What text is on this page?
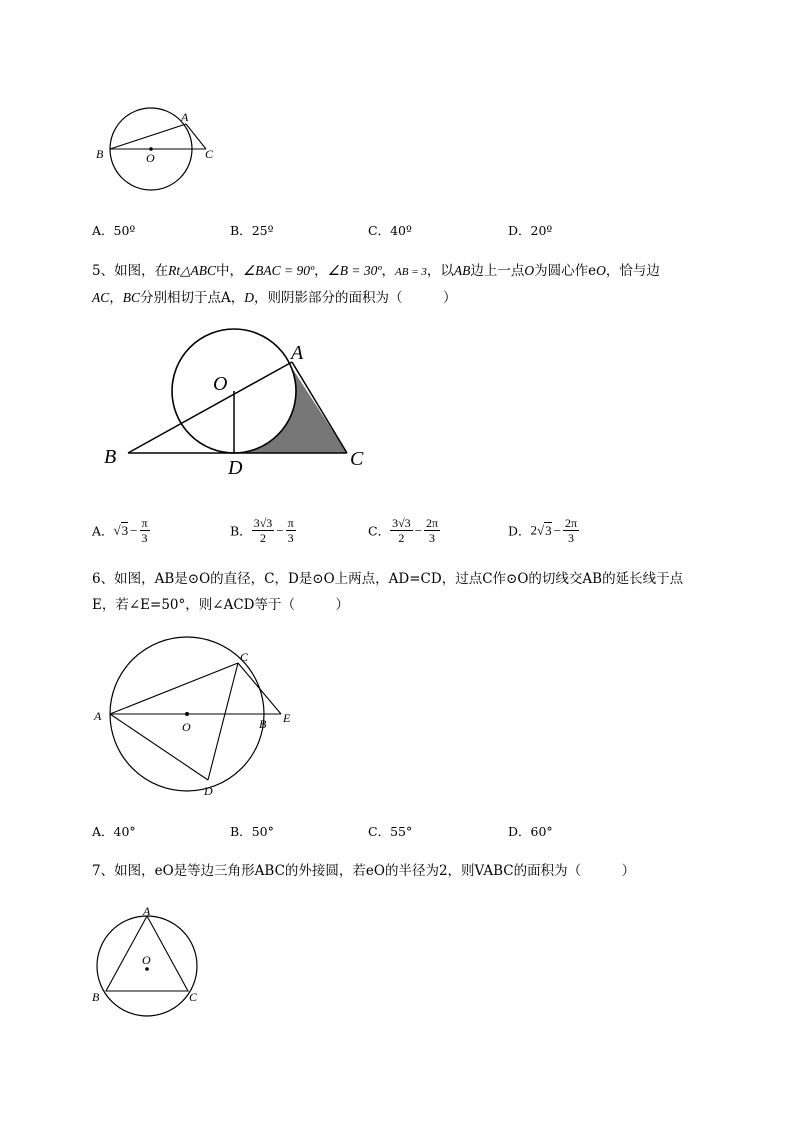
A
B	C
O
A．50º	B．25º	C．40º	D．20º
5、如图，在Rt△ABC中，∠BAC = 90º，∠B = 30º，AB = 3，以AB边上一点O为圆心作eO，恰与边
AC，BC分别相切于点A，D，则阴影部分的面积为（　　　）
A
O
B	D	C
A．$√3 - \frac{\pi}{3}$	B． $\frac{3√3}{2} - \frac{\pi}{3}$	C． $\frac{3√3}{2} - \frac{2\pi}{3}$	D．$2√3 - \frac{2\pi}{3}$
6、如图，AB是⊙O的直径，C，D是⊙O上两点，AD=CD，过点C作⊙O的切线交AB的延长线于点
E，若∠E=50°，则∠ACD等于（　　　）
A
O	B E
C
D
A．40°	B．50°	C．55°	D．60°
7、如图，eO是等边三角形ABC的外接圆，若eO的半径为2，则VABC的面积为（　　　）
A
O
B	C
